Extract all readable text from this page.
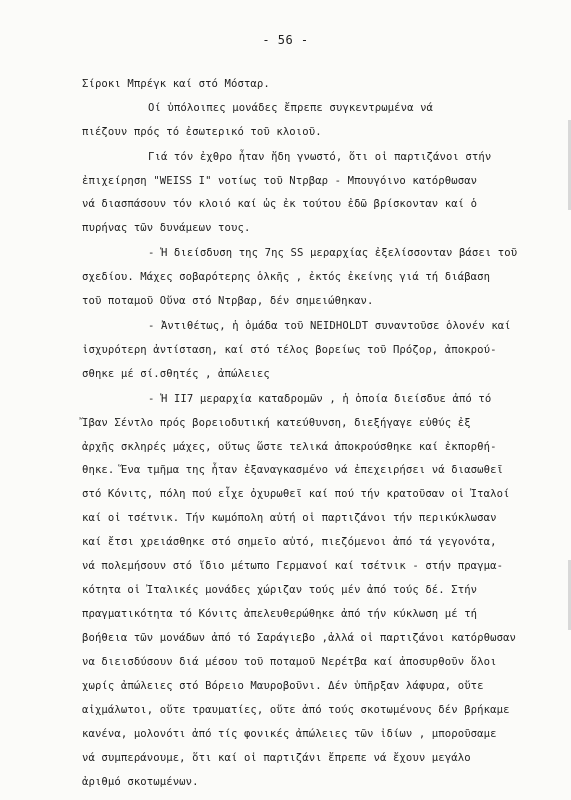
- 56 -
Σίροκι Μπρέγκ καί στό Μόσταρ.
Οί ὑπόλοιπες μονάδες ἔπρεπε συγκεντρωμένα νά
πιέζουν πρός τό ἐσωτερικό τοῦ κλοιοῦ.
Γιά τόν ἐχθρο ἦταν ἤδη γνωστό, ὅτι οἱ παρτιζάνοι στήν
ἐπιχείρηση "WEISS I" νοτίως τοῦ Ντρβαρ - Μπουγόινο κατόρθωσαν
νά διασπάσουν τόν κλοιό καί ὡς ἐκ τούτου ἐδῶ βρίσκονταν καί ὁ
πυρήνας τῶν δυνάμεων τους.
- Ἡ διείσδυση της 7ης SS μεραρχίας ἐξελίσσονταν βάσει τοῦ
σχεδίου. Μάχες σοβαρότερης ὁλκῆς , ἐκτός ἐκείνης γιά τή διάβαση
τοῦ ποταμοῦ Οὔνα στό Ντρβαρ, δέν σημειώθηκαν.
- Ἀντιθέτως, ἡ ὁμάδα τοῦ NEIDHOLDT συναντοῦσε ὁλονέν καί
ἰσχυρότερη ἀντίσταση, καί στό τέλος βορείως τοῦ Πρόζορ, ἀποκρού-
σθηκε μέ σί.σθητές , ἀπώλειες
- Ἡ ΙΙ7 μεραρχία καταδρομῶν , ἡ ὁποία διείσδυε ἀπό τό
Ἴβαν Σέντλο πρός βορειοδυτική κατεύθυνση, διεξήγαγε εὐθύς ἐξ
ἀρχῆς σκληρές μάχες, οὕτως ὥστε τελικά ἀποκρούσθηκε καί ἐκπορθή-
θηκε. Ἕνα τμῆμα της ἦταν ἐξαναγκασμένο νά ἐπεχειρήσει νά διασωθεῖ
στό Κόνιτς, πόλη πού εἶχε ὀχυρωθεῖ καί πού τήν κρατοῦσαν οἱ Ἰταλοί
καί οἱ τσέτνικ. Τήν κωμόπολη αὐτή οἱ παρτιζάνοι τήν περικύκλωσαν
καί ἔτσι χρειάσθηκε στό σημεῖο αὐτό, πιεζόμενοι ἀπό τά γεγονότα,
νά πολεμήσουν στό ἴδιο μέτωπο Γερμανοί καί τσέτνικ - στήν πραγμα-
κότητα οἱ Ἰταλικές μονάδες χώριζαν τούς μέν ἀπό τούς δέ. Στήν
πραγματικότητα τό Κόνιτς ἀπελευθερώθηκε ἀπό τήν κύκλωση μέ τή
βοήθεια τῶν μονάδων ἀπό τό Σαράγιεβο ,ἀλλά οἱ παρτιζάνοι κατόρθωσαν
να διεισδύσουν διά μέσου τοῦ ποταμοῦ Νερέτβα καί ἀποσυρθοῦν ὅλοι
χωρίς ἀπώλειες στό Βόρειο Μαυροβοῦνι. Δέν ὑπῆρξαν λάφυρα, οὔτε
αἰχμάλωτοι, οὔτε τραυματίες, οὔτε ἀπό τούς σκοτωμένους δέν βρήκαμε
κανένα, μολονότι ἀπό τίς φονικές ἀπώλειες τῶν ἰδίων , μποροῦσαμε
νά συμπεράνουμε, ὅτι καί οἱ παρτιζάνι ἔπρεπε νά ἔχουν μεγάλο
ἀριθμό σκοτωμένων.
